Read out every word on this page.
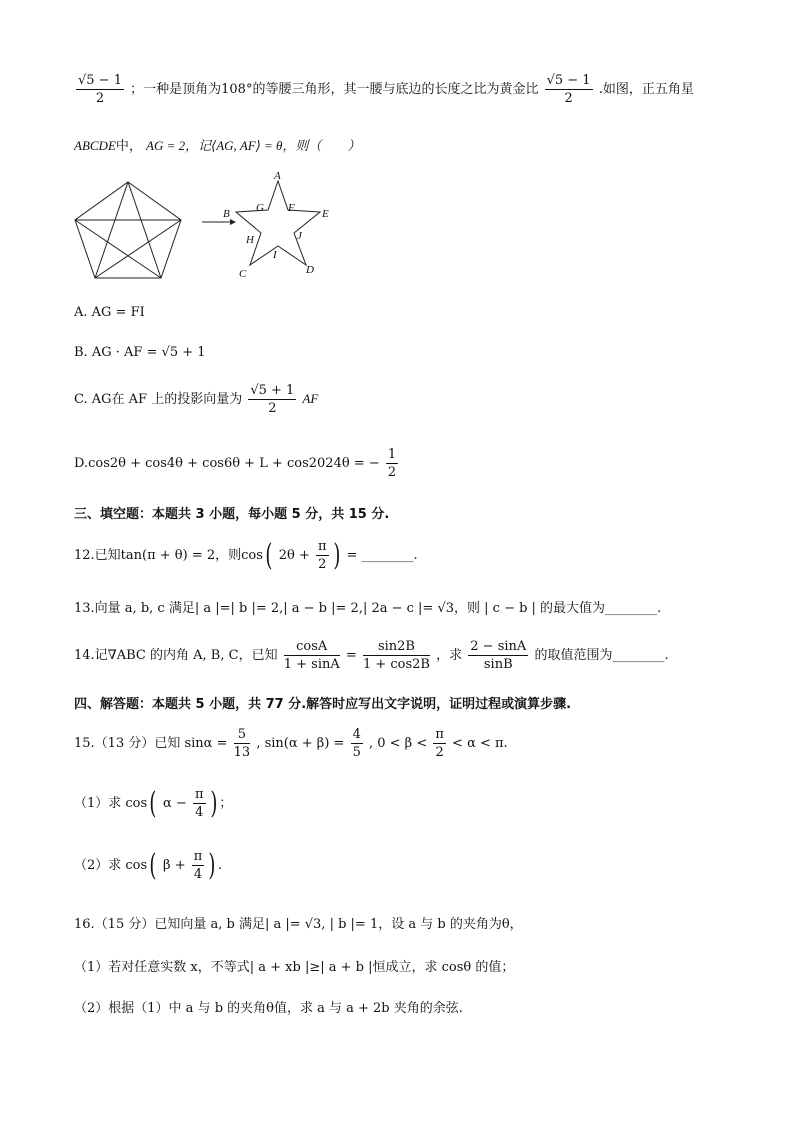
$\frac{√5 - 1}{2}$ ；一种是顶角为108°的等腰三角形，其一腰与底边的长度之比为黄金比 $\frac{√5 - 1}{2}$ .如图，正五角星
ABCDE中， AG = 2，记⟨AG, AF⟩ = θ，则（　　）
A
B
C	D
E
F
G
H
I
J
A. AG = FI
B. AG · AF = √5 + 1
C. AG在 AF 上的投影向量为 $\frac{√5 + 1}{2}$ AF
D.cos2θ + cos4θ + cos6θ + L + cos2024θ = − $\frac{1}{2}$
三、填空题：本题共 3 小题，每小题 5 分，共 15 分.
12.已知tan(π + θ) = 2，则cos( $2\theta + \frac{\pi}{2}$ ) = ________.
13.向量 a, b, c 满足| a |=| b |= 2,| a − b |= 2,| 2a − c |= √3，则 | c − b | 的最大值为________.
14.记∇ABC 的内角 A, B, C，已知 $\frac{\cos A}{1 + \sin A} = \frac{\sin 2B}{1 + \cos 2B}$ ，求 $\frac{2 - \sin A}{\sin B}$ 的取值范围为________.
四、解答题：本题共 5 小题，共 77 分.解答时应写出文字说明，证明过程或演算步骤.
15.（13 分）已知 $\sin\alpha = \frac{5}{13}$ , $\sin(\alpha + \beta) = \frac{4}{5}$ , $0 < \beta < \frac{\pi}{2} < \alpha < \pi$.
（1）求 cos( $\alpha - \frac{\pi}{4}$ ) ；
（2）求 cos( $\beta + \frac{\pi}{4}$ ) .
16.（15 分）已知向量 a, b 满足| a |= √3, | b |= 1，设 a 与 b 的夹角为θ，
（1）若对任意实数 x，不等式| a + xb |≥| a + b |恒成立，求 cosθ 的值；
（2）根据（1）中 a 与 b 的夹角θ值，求 a 与 a + 2b 夹角的余弦.
